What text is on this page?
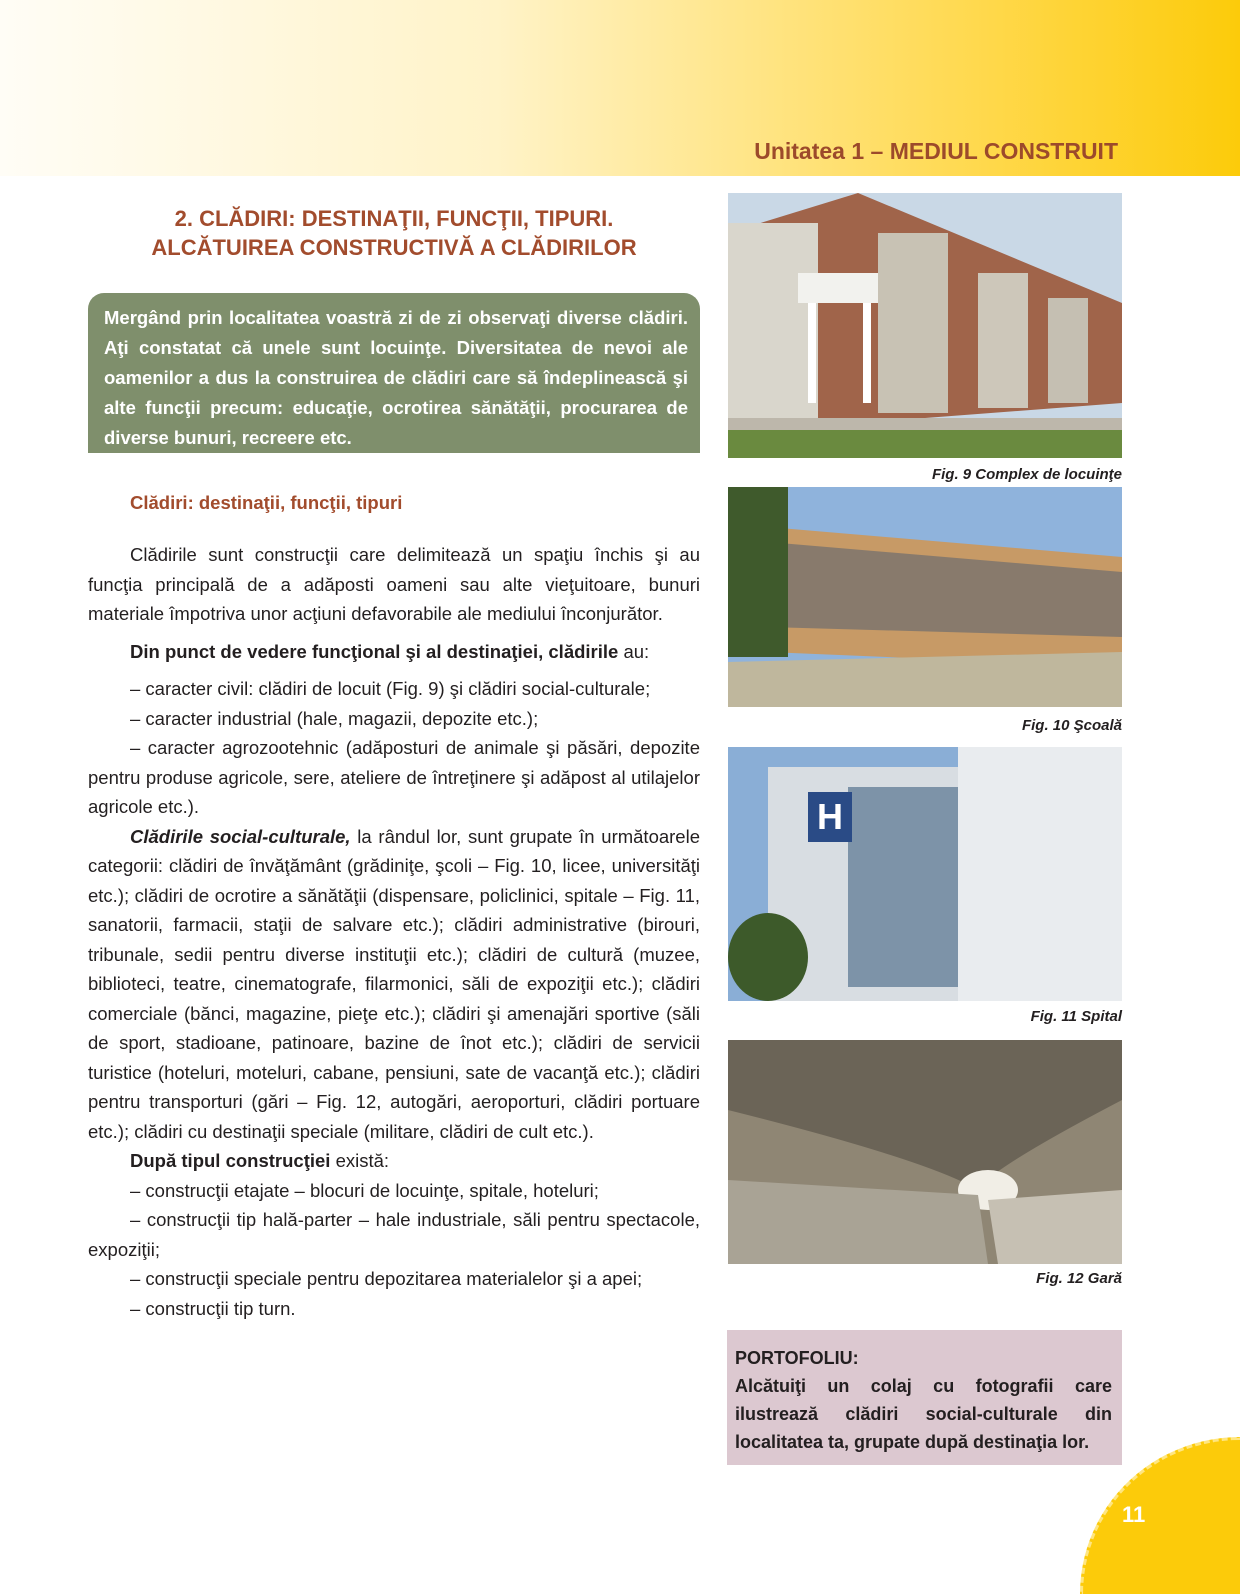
Unitatea 1 – MEDIUL CONSTRUIT
2. CLĂDIRI: DESTINAŢII, FUNCŢII, TIPURI.
ALCĂTUIREA CONSTRUCTIVĂ A CLĂDIRILOR
Mergând prin localitatea voastră zi de zi observaţi diverse clădiri. Aţi constatat că unele sunt locuinţe. Diversitatea de nevoi ale oamenilor a dus la construirea de clădiri care să îndeplinească şi alte funcţii precum: educaţie, ocrotirea sănătăţii, procurarea de diverse bunuri, recreere etc.
Clădiri: destinaţii, funcţii, tipuri

Clădirile sunt construcţii care delimitează un spaţiu închis şi au funcţia principală de a adăposti oameni sau alte vieţuitoare, bunuri materiale împotriva unor acţiuni defavorabile ale mediului înconjurător.

Din punct de vedere funcţional şi al destinaţiei, clădirile au:

– caracter civil: clădiri de locuit (Fig. 9) şi clădiri social-culturale;

– caracter industrial (hale, magazii, depozite etc.);

– caracter agrozootehnic (adăposturi de animale şi păsări, depozite pentru produse agricole, sere, ateliere de întreţinere şi adăpost al utilajelor agricole etc.).

Clădirile social-culturale, la rândul lor, sunt grupate în următoarele categorii: clădiri de învăţământ (grădiniţe, şcoli – Fig. 10, licee, universităţi etc.); clădiri de ocrotire a sănătăţii (dispensare, policlinici, spitale – Fig. 11, sanatorii, farmacii, staţii de salvare etc.); clădiri administrative (birouri, tribunale, sedii pentru diverse instituţii etc.); clădiri de cultură (muzee, biblioteci, teatre, cinematografe, filarmonici, săli de expoziţii etc.); clădiri comerciale (bănci, magazine, pieţe etc.); clădiri şi amenajări sportive (săli de sport, stadioane, patinoare, bazine de înot etc.); clădiri de servicii turistice (hoteluri, moteluri, cabane, pensiuni, sate de vacanţă etc.); clădiri pentru transporturi (gări – Fig. 12, autogări, aeroporturi, clădiri portuare etc.); clădiri cu destinaţii speciale (militare, clădiri de cult etc.).

După tipul construcţiei există:

– construcţii etajate – blocuri de locuinţe, spitale, hoteluri;

– construcţii tip hală-parter – hale industriale, săli pentru spectacole, expoziţii;

– construcţii speciale pentru depozitarea materialelor şi a apei;

– construcţii tip turn.

Fig. 9 Complex de locuinţe
Fig. 10 Şcoală
H
Fig. 11 Spital
Fig. 12 Gară
PORTOFOLIU:
Alcătuiţi un colaj cu fotografii care ilustrează clădiri social-culturale din localitatea ta, grupate după destinaţia lor.
11
